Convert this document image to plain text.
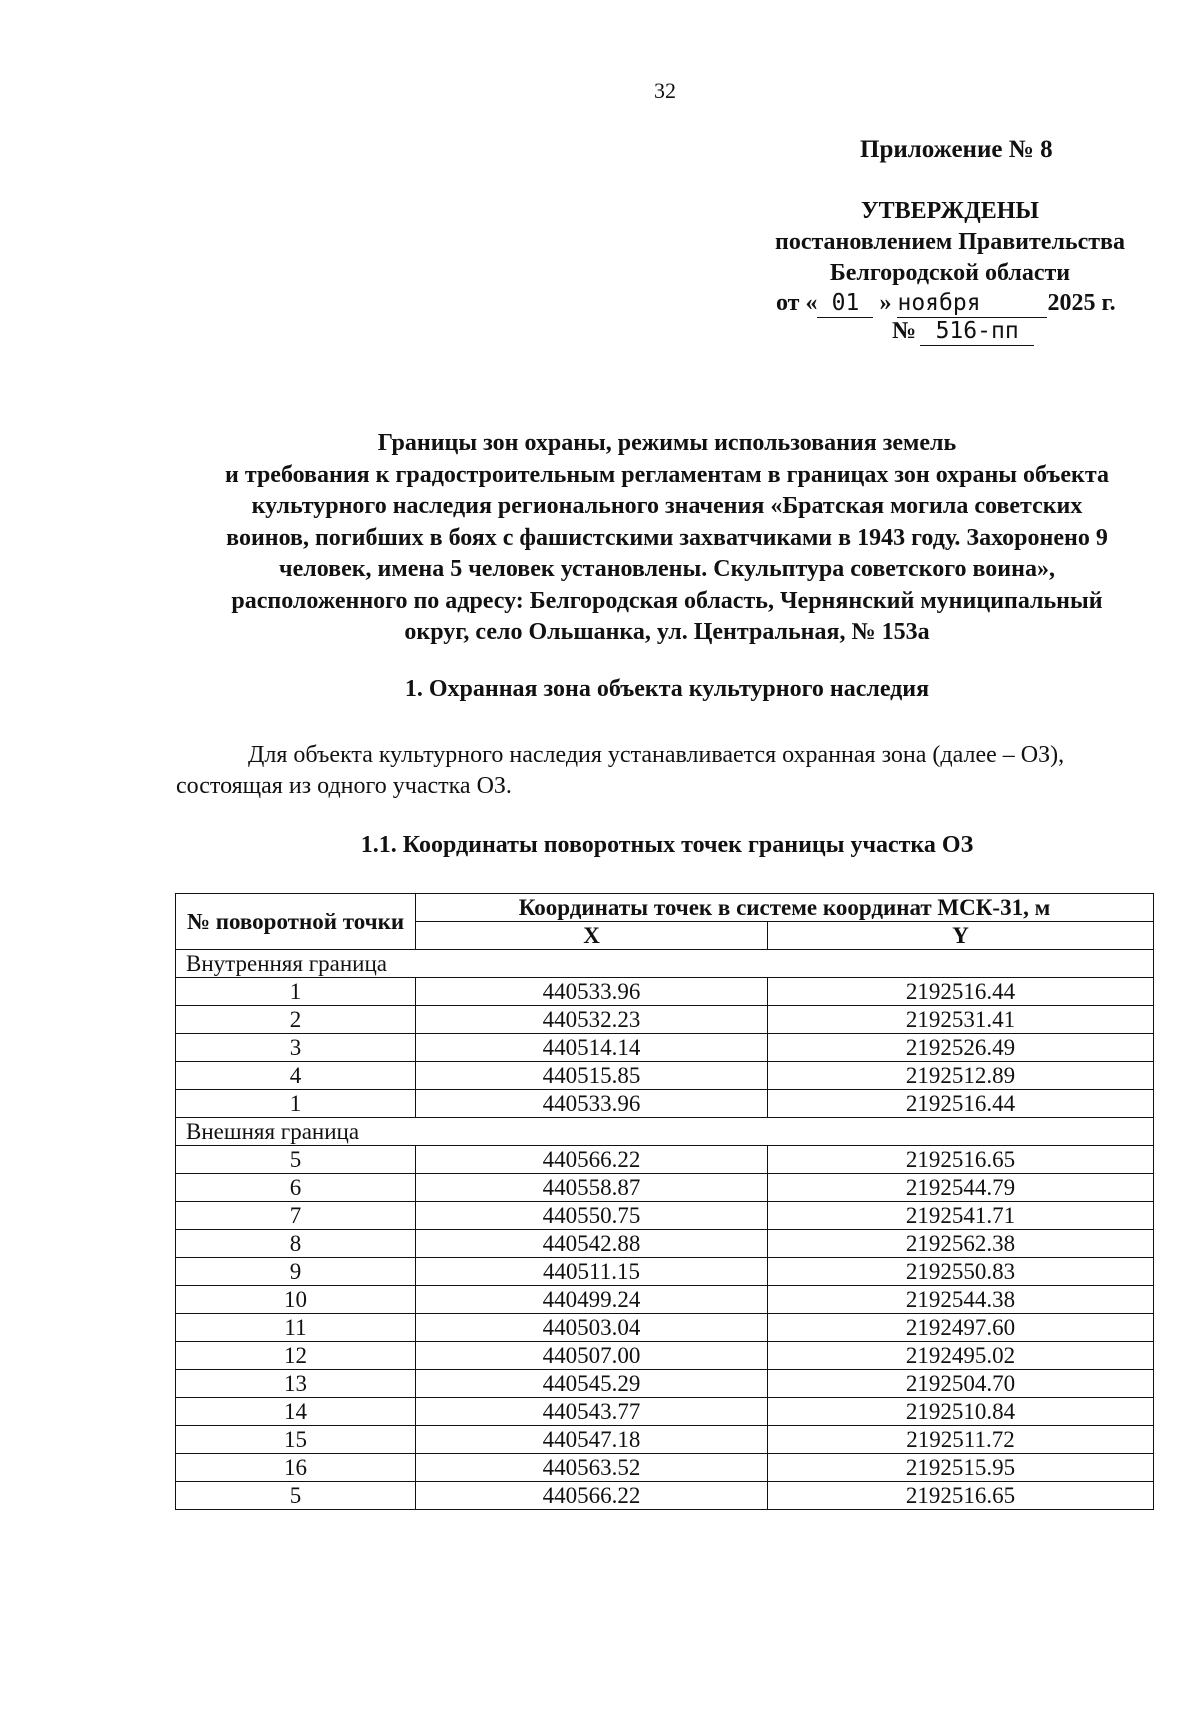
32
Приложение № 8
УТВЕРЖДЕНЫ
постановлением Правительства
Белгородской области
от « 01 » ноября	2025 г.
№ 516-пп
Границы зон охраны, режимы использования земель
и требования к градостроительным регламентам в границах зон охраны объекта
культурного наследия регионального значения «Братская могила советских
воинов, погибших в боях с фашистскими захватчиками в 1943 году. Захоронено 9
человек, имена 5 человек установлены. Скульптура советского воина»,
расположенного по адресу: Белгородская область, Чернянский муниципальный
округ, село Ольшанка, ул. Центральная, № 153а
1. Охранная зона объекта культурного наследия
Для объекта культурного наследия устанавливается охранная зона (далее – ОЗ),
состоящая из одного участка ОЗ.
1.1. Координаты поворотных точек границы участка ОЗ
№ поворотной точки	Координаты точек в системе координат МСК-31, м	
	X	Y
Внутренняя граница		
1	440533.96	2192516.44
2	440532.23	2192531.41
3	440514.14	2192526.49
4	440515.85	2192512.89
1	440533.96	2192516.44
Внешняя граница		
5	440566.22	2192516.65
6	440558.87	2192544.79
7	440550.75	2192541.71
8	440542.88	2192562.38
9	440511.15	2192550.83
10	440499.24	2192544.38
11	440503.04	2192497.60
12	440507.00	2192495.02
13	440545.29	2192504.70
14	440543.77	2192510.84
15	440547.18	2192511.72
16	440563.52	2192515.95
5	440566.22	2192516.65
